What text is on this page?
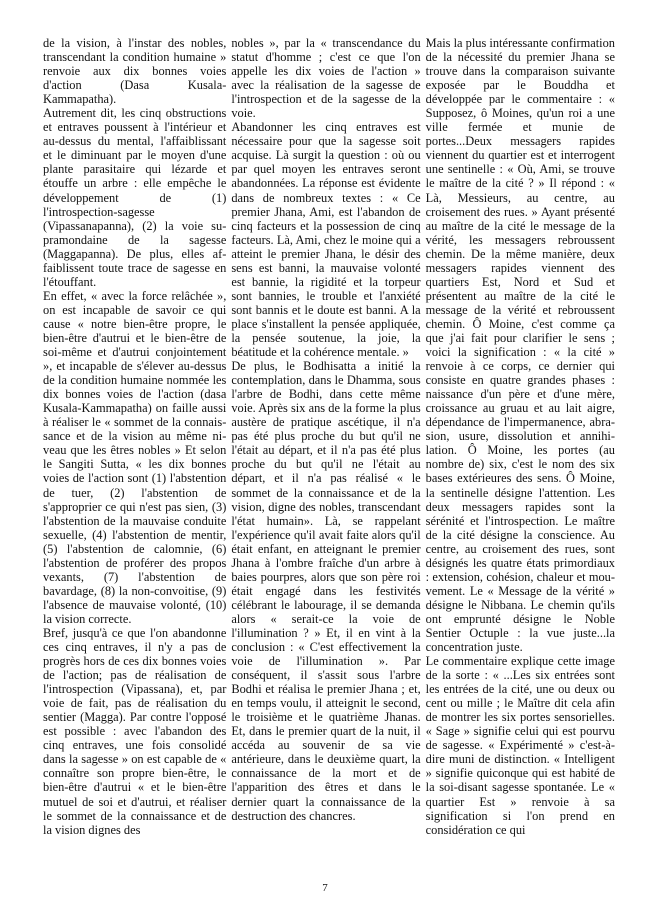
de la vision, à l'instar des nobles, transcendant la condition humaine » renvoie aux dix bonnes voies d'action (Dasa Kusala-Kammapatha).

Autrement dit, les cinq obstructions et entraves poussent à l'intérieur et au-dessus du mental, l'affaiblissant et le diminuant par le moyen d'une plante parasitaire qui lézarde et étouffe un arbre : elle empêche le développement de (1) l'introspection-sagesse (Vipassanapanna), (2) la voie supramondaine de la sagesse (Maggapanna). De plus, elles affaiblissent toute trace de sagesse en l'étouffant.

En effet, « avec la force relâchée », on est incapable de savoir ce qui cause « notre bien-être propre, le bien-être d'autrui et le bien-être de soi-même et d'autrui conjointement », et incapable de s'élever au-dessus de la condition humaine nommée les dix bonnes voies de l'action (dasa Kusala-Kammapatha) on faille aussi à réaliser le « sommet de la connaissance et de la vision au même niveau que les êtres nobles » Et selon le Sangiti Sutta, « les dix bonnes voies de l'action sont (1) l'abstention de tuer, (2) l'abstention de s'approprier ce qui n'est pas sien, (3) l'abstention de la mauvaise conduite sexuelle, (4) l'abstention de mentir, (5) l'abstention de calomnie, (6) l'abstention de proférer des propos vexants, (7) l'abstention de bavardage, (8) la non-convoitise, (9) l'absence de mauvaise volonté, (10) la vision correcte.

Bref, jusqu'à ce que l'on abandonne ces cinq entraves, il n'y a pas de progrès hors de ces dix bonnes voies de l'action; pas de réalisation de l'introspection (Vipassana), et, par voie de fait, pas de réalisation du sentier (Magga). Par contre l'opposé est possible : avec l'abandon des cinq entraves, une fois consolidé dans la sagesse » on est capable de « connaître son propre bien-être, le bien-être d'autrui « et le bien-être mutuel de soi et d'autrui, et réaliser le sommet de la connaissance et de la vision dignes des

nobles », par la « transcendance du statut d'homme ; c'est ce que l'on appelle les dix voies de l'action » avec la réalisation de la sagesse de l'introspection et de la sagesse de la voie.

Abandonner les cinq entraves est nécessaire pour que la sagesse soit acquise. Là surgit la question : où ou par quel moyen les entraves seront abandonnées. La réponse est évidente dans de nombreux textes : « Ce premier Jhana, Ami, est l'abandon de cinq facteurs et la possession de cinq facteurs. Là, Ami, chez le moine qui a atteint le premier Jhana, le désir des sens est banni, la mauvaise volonté est bannie, la rigidité et la torpeur sont bannies, le trouble et l'anxiété sont bannis et le doute est banni. A la place s'installent la pensée appliquée, la pensée soutenue, la joie, la béatitude et la cohérence mentale. »

De plus, le Bodhisatta a initié la contemplation, dans le Dhamma, sous l'arbre de Bodhi, dans cette même voie. Après six ans de la forme la plus austère de pratique ascétique, il n'a pas été plus proche du but qu'il ne l'était au départ, et il n'a pas été plus proche du but qu'il ne l'était au départ, et il n'a pas réalisé « le sommet de la connaissance et de la vision, digne des nobles, transcendant l'état humain». Là, se rappelant l'expérience qu'il avait faite alors qu'il était enfant, en atteignant le premier Jhana à l'ombre fraîche d'un arbre à baies pourpres, alors que son père roi était engagé dans les festivités célébrant le labourage, il se demanda alors « serait-ce la voie de l'illumination ? » Et, il en vint à la conclusion : « C'est effectivement la voie de l'illumination ». Par conséquent, il s'assit sous l'arbre Bodhi et réalisa le premier Jhana ; et, en temps voulu, il atteignit le second, le troisième et le quatrième Jhanas. Et, dans le premier quart de la nuit, il accéda au souvenir de sa vie antérieure, dans le deuxième quart, la connaissance de la mort et de l'apparition des êtres et dans le dernier quart la connaissance de la destruction des chancres.

Mais la plus intéressante confirmation de la nécessité du premier Jhana se trouve dans la comparaison suivante exposée par le Bouddha et développée par le commentaire : « Supposez, ô Moines, qu'un roi a une ville fermée et munie de portes...Deux messagers rapides viennent du quartier est et interrogent une sentinelle : « Où, Ami, se trouve le maître de la cité ? » Il répond : « Là, Messieurs, au centre, au croisement des rues. » Ayant présenté au maître de la cité le message de la vérité, les messagers rebroussent chemin. De la même manière, deux messagers rapides viennent des quartiers Est, Nord et Sud et présentent au maître de la cité le message de la vérité et rebroussent chemin. Ô Moine, c'est comme ça que j'ai fait pour clarifier le sens ; voici la signification : « la cité » renvoie à ce corps, ce dernier qui consiste en quatre grandes phases : naissance d'un père et d'une mère, croissance au gruau et au lait aigre, dépendance de l'impermanence, abrasion, usure, dissolution et annihilation. Ô Moine, les portes (au nombre de) six, c'est le nom des six bases extérieures des sens. Ô Moine, la sentinelle désigne l'attention. Les deux messagers rapides sont la sérénité et l'introspection. Le maître de la cité désigne la conscience. Au centre, au croisement des rues, sont désignés les quatre états primordiaux : extension, cohésion, chaleur et mouvement. Le « Message de la vérité » désigne le Nibbana. Le chemin qu'ils ont emprunté désigne le Noble Sentier Octuple : la vue juste...la concentration juste.

Le commentaire explique cette image de la sorte : « ...Les six entrées sont les entrées de la cité, une ou deux ou cent ou mille ; le Maître dit cela afin de montrer les six portes sensorielles. « Sage » signifie celui qui est pourvu de sagesse. « Expérimenté » c'est-à-dire muni de distinction. « Intelligent » signifie quiconque qui est habité de la soi-disant sagesse spontanée. Le « quartier Est » renvoie à sa signification si l'on prend en considération ce qui

7
